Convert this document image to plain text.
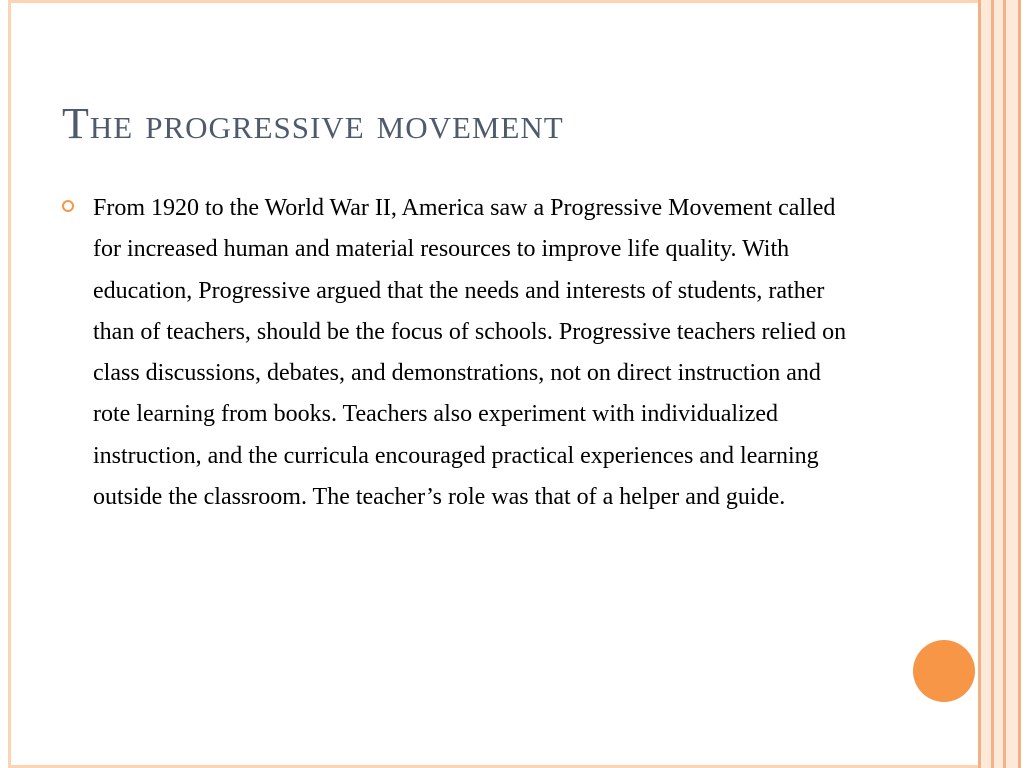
The progressive movement
From 1920 to the World War II, America saw a Progressive Movement called for increased human and material resources to improve life quality. With education, Progressive argued that the needs and interests of students, rather than of teachers, should be the focus of schools. Progressive teachers relied on class discussions, debates, and demonstrations, not on direct instruction and rote learning from books. Teachers also experiment with individualized instruction, and the curricula encouraged practical experiences and learning outside the classroom. The teacher’s role was that of a helper and guide.
